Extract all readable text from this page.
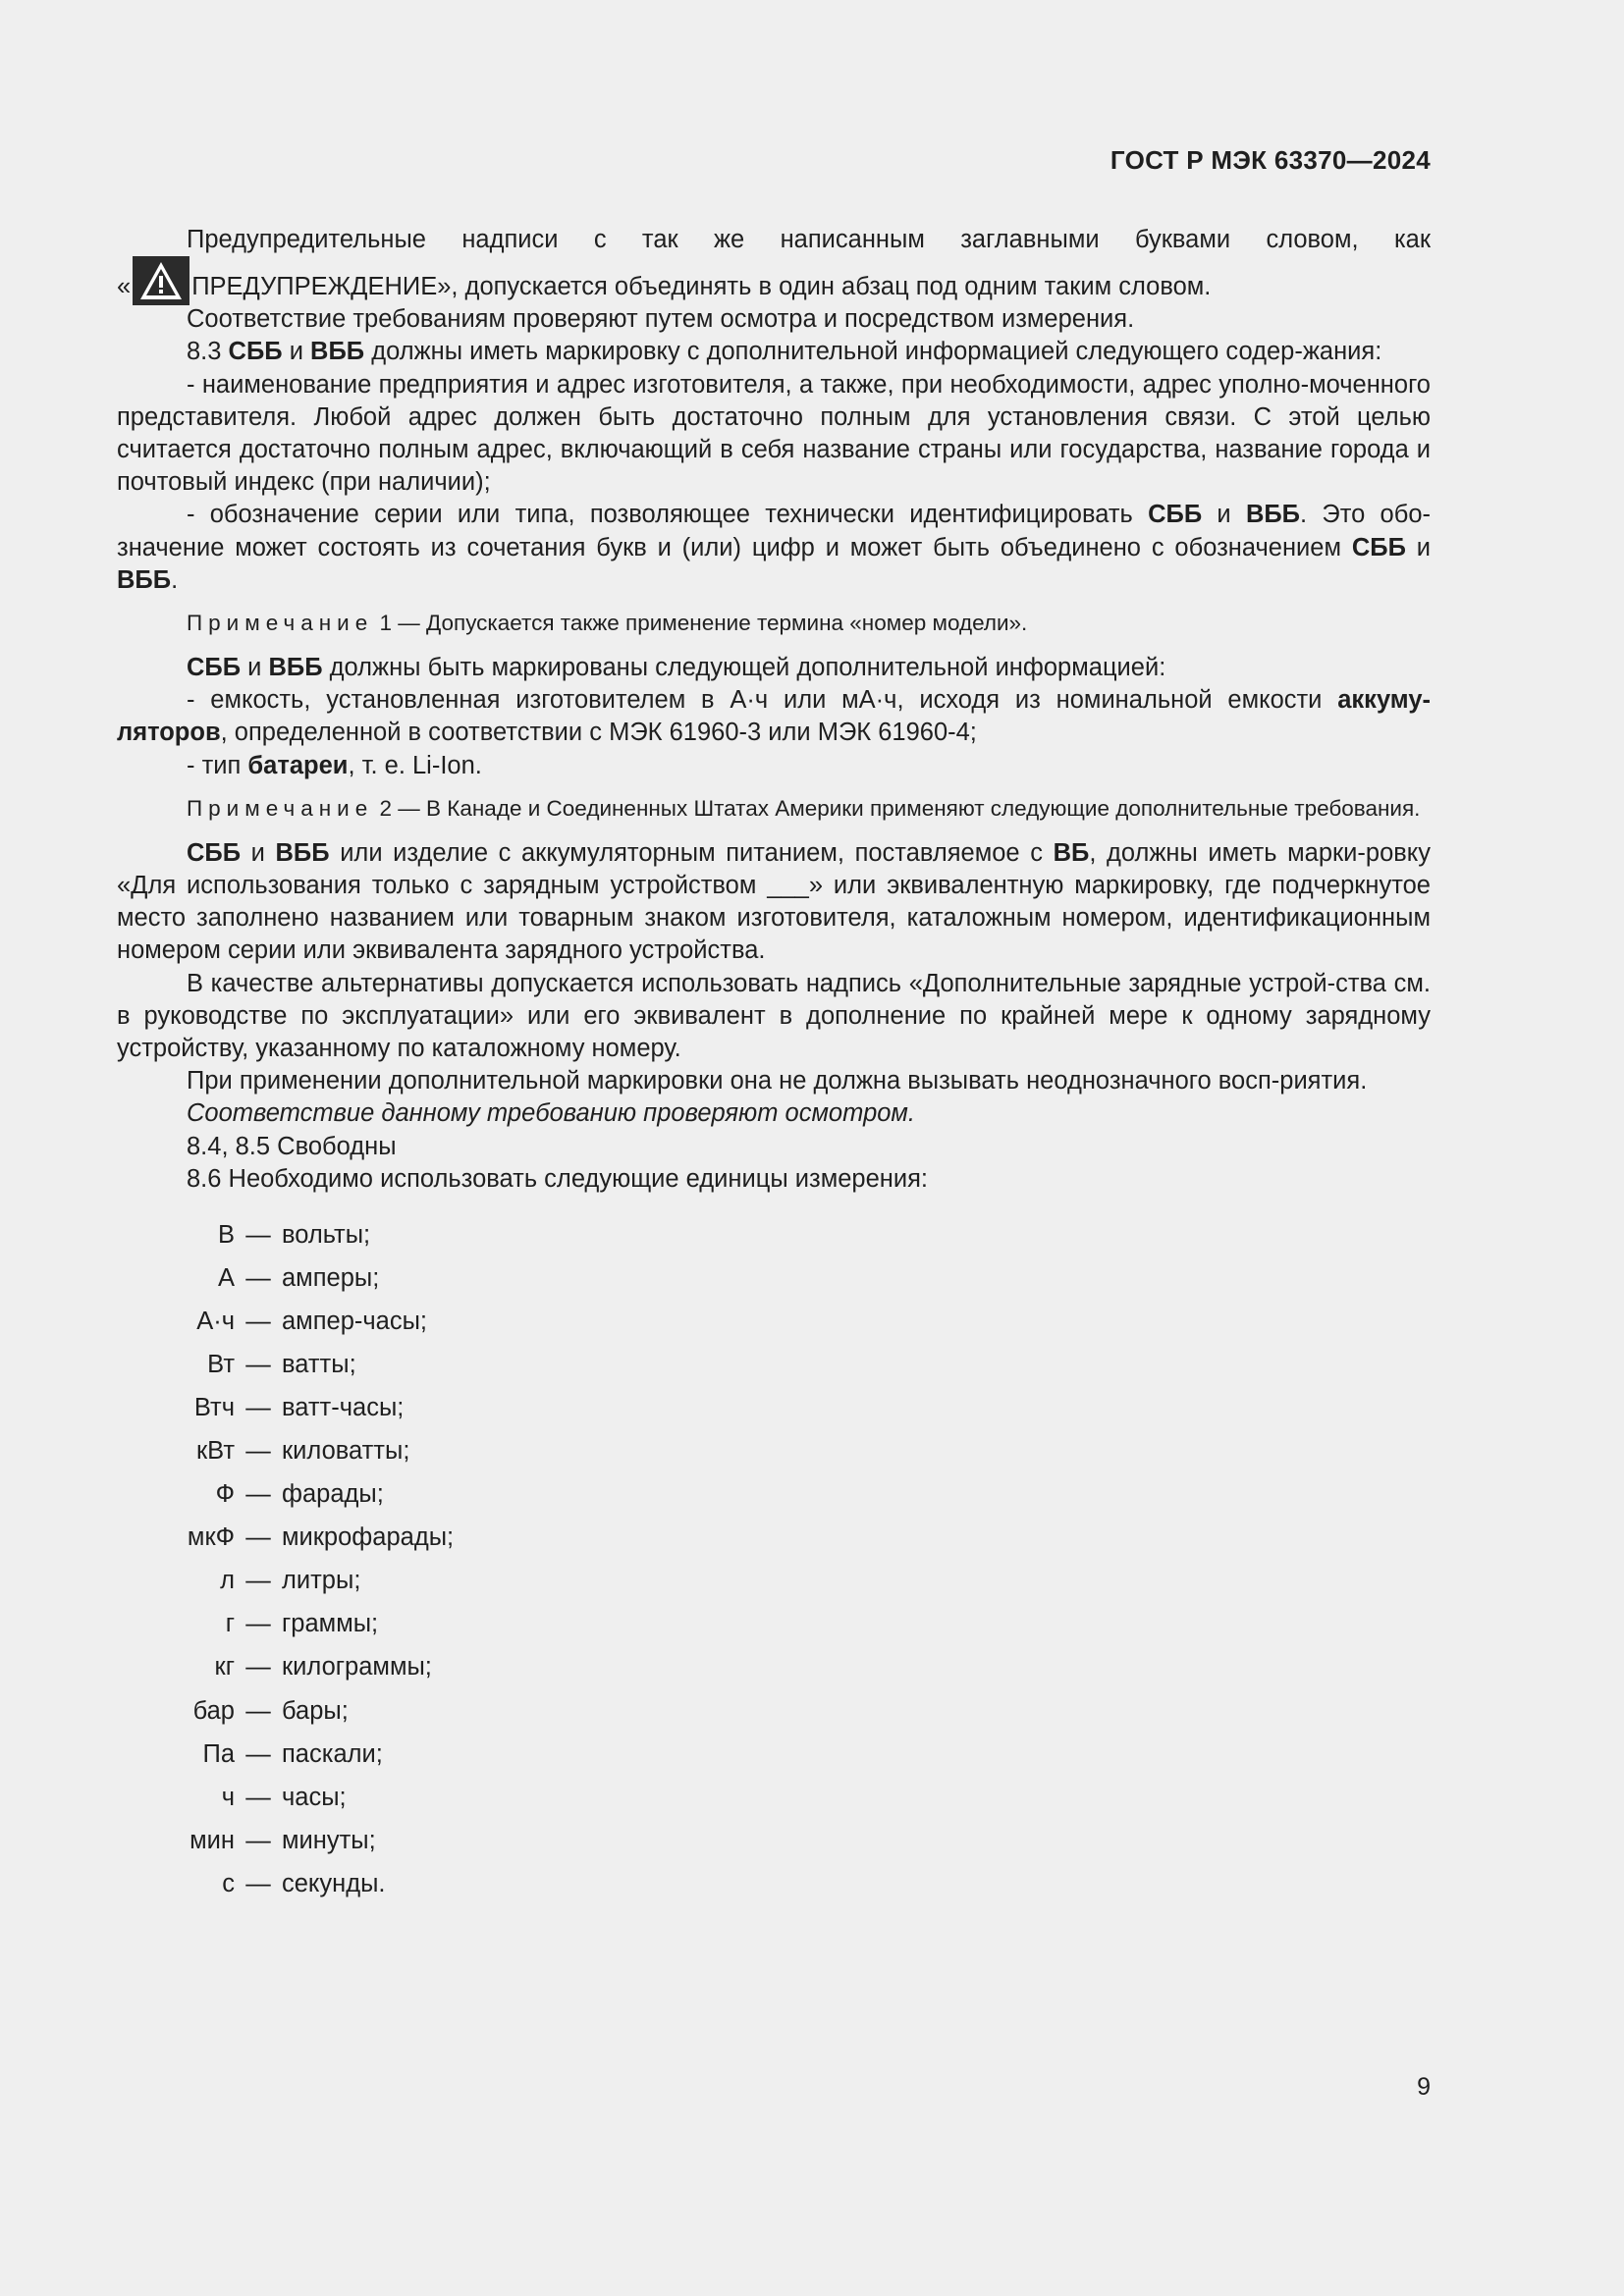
ГОСТ Р МЭК 63370—2024

Предупредительные надписи с так же написанным заглавными буквами словом, как

« ПРЕДУПРЕЖДЕНИЕ», допускается объединять в один абзац под одним таким словом.

Соответствие требованиям проверяют путем осмотра и посредством измерения.

8.3 СББ и ВББ должны иметь маркировку с дополнительной информацией следующего содер-жания:

- наименование предприятия и адрес изготовителя, а также, при необходимости, адрес уполно-моченного представителя. Любой адрес должен быть достаточно полным для установления связи. С этой целью считается достаточно полным адрес, включающий в себя название страны или государства, название города и почтовый индекс (при наличии);

- обозначение серии или типа, позволяющее технически идентифицировать СББ и ВББ. Это обо-значение может состоять из сочетания букв и (или) цифр и может быть объединено с обозначением СББ и ВББ.

Примечание 1 — Допускается также применение термина «номер модели».

СББ и ВББ должны быть маркированы следующей дополнительной информацией:

- емкость, установленная изготовителем в А·ч или мА·ч, исходя из номинальной емкости аккуму-ляторов, определенной в соответствии с МЭК 61960-3 или МЭК 61960-4;

- тип батареи, т. е. Li-Ion.

Примечание 2 — В Канаде и Соединенных Штатах Америки применяют следующие дополнительные требования.

СББ и ВББ или изделие с аккумуляторным питанием, поставляемое с ВБ, должны иметь марки-ровку «Для использования только с зарядным устройством ___» или эквивалентную маркировку, где подчеркнутое место заполнено названием или товарным знаком изготовителя, каталожным номером, идентификационным номером серии или эквивалента зарядного устройства.

В качестве альтернативы допускается использовать надпись «Дополнительные зарядные устрой-ства см. в руководстве по эксплуатации» или его эквивалент в дополнение по крайней мере к одному зарядному устройству, указанному по каталожному номеру.

При применении дополнительной маркировки она не должна вызывать неоднозначного восп-риятия.

Соответствие данному требованию проверяют осмотром.

8.4, 8.5 Свободны

8.6 Необходимо использовать следующие единицы измерения:

В — вольты;
А — амперы;
А·ч — ампер-часы;
Вт — ватты;
Втч — ватт-часы;
кВт — киловатты;
Ф — фарады;
мкФ — микрофарады;
л — литры;
г — граммы;
кг — килограммы;
бар — бары;
Па — паскали;
ч — часы;
мин — минуты;
с — секунды.
9
